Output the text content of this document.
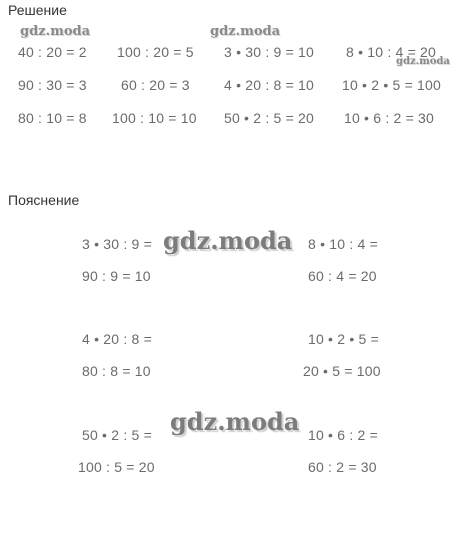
Решение
Пояснение
40 : 20 = 2 100 : 20 = 5 3 • 30 : 9 = 10 8 • 10 : 4 = 20
90 : 30 = 3 60 : 20 = 3 4 • 20 : 8 = 10 10 • 2 • 5 = 100
80 : 10 = 8 100 : 10 = 10 50 • 2 : 5 = 20 10 • 6 : 2 = 30
3 • 30 : 9 =
90 : 9 = 10
8 • 10 : 4 =
60 : 4 = 20
4 • 20 : 8 =
80 : 8 = 10
10 • 2 • 5 =
20 • 5 = 100
50 • 2 : 5 =
100 : 5 = 20
10 • 6 : 2 =
60 : 2 = 30
gdz.moda	gdz.moda
gdz.moda
gdz.moda
gdz.moda
